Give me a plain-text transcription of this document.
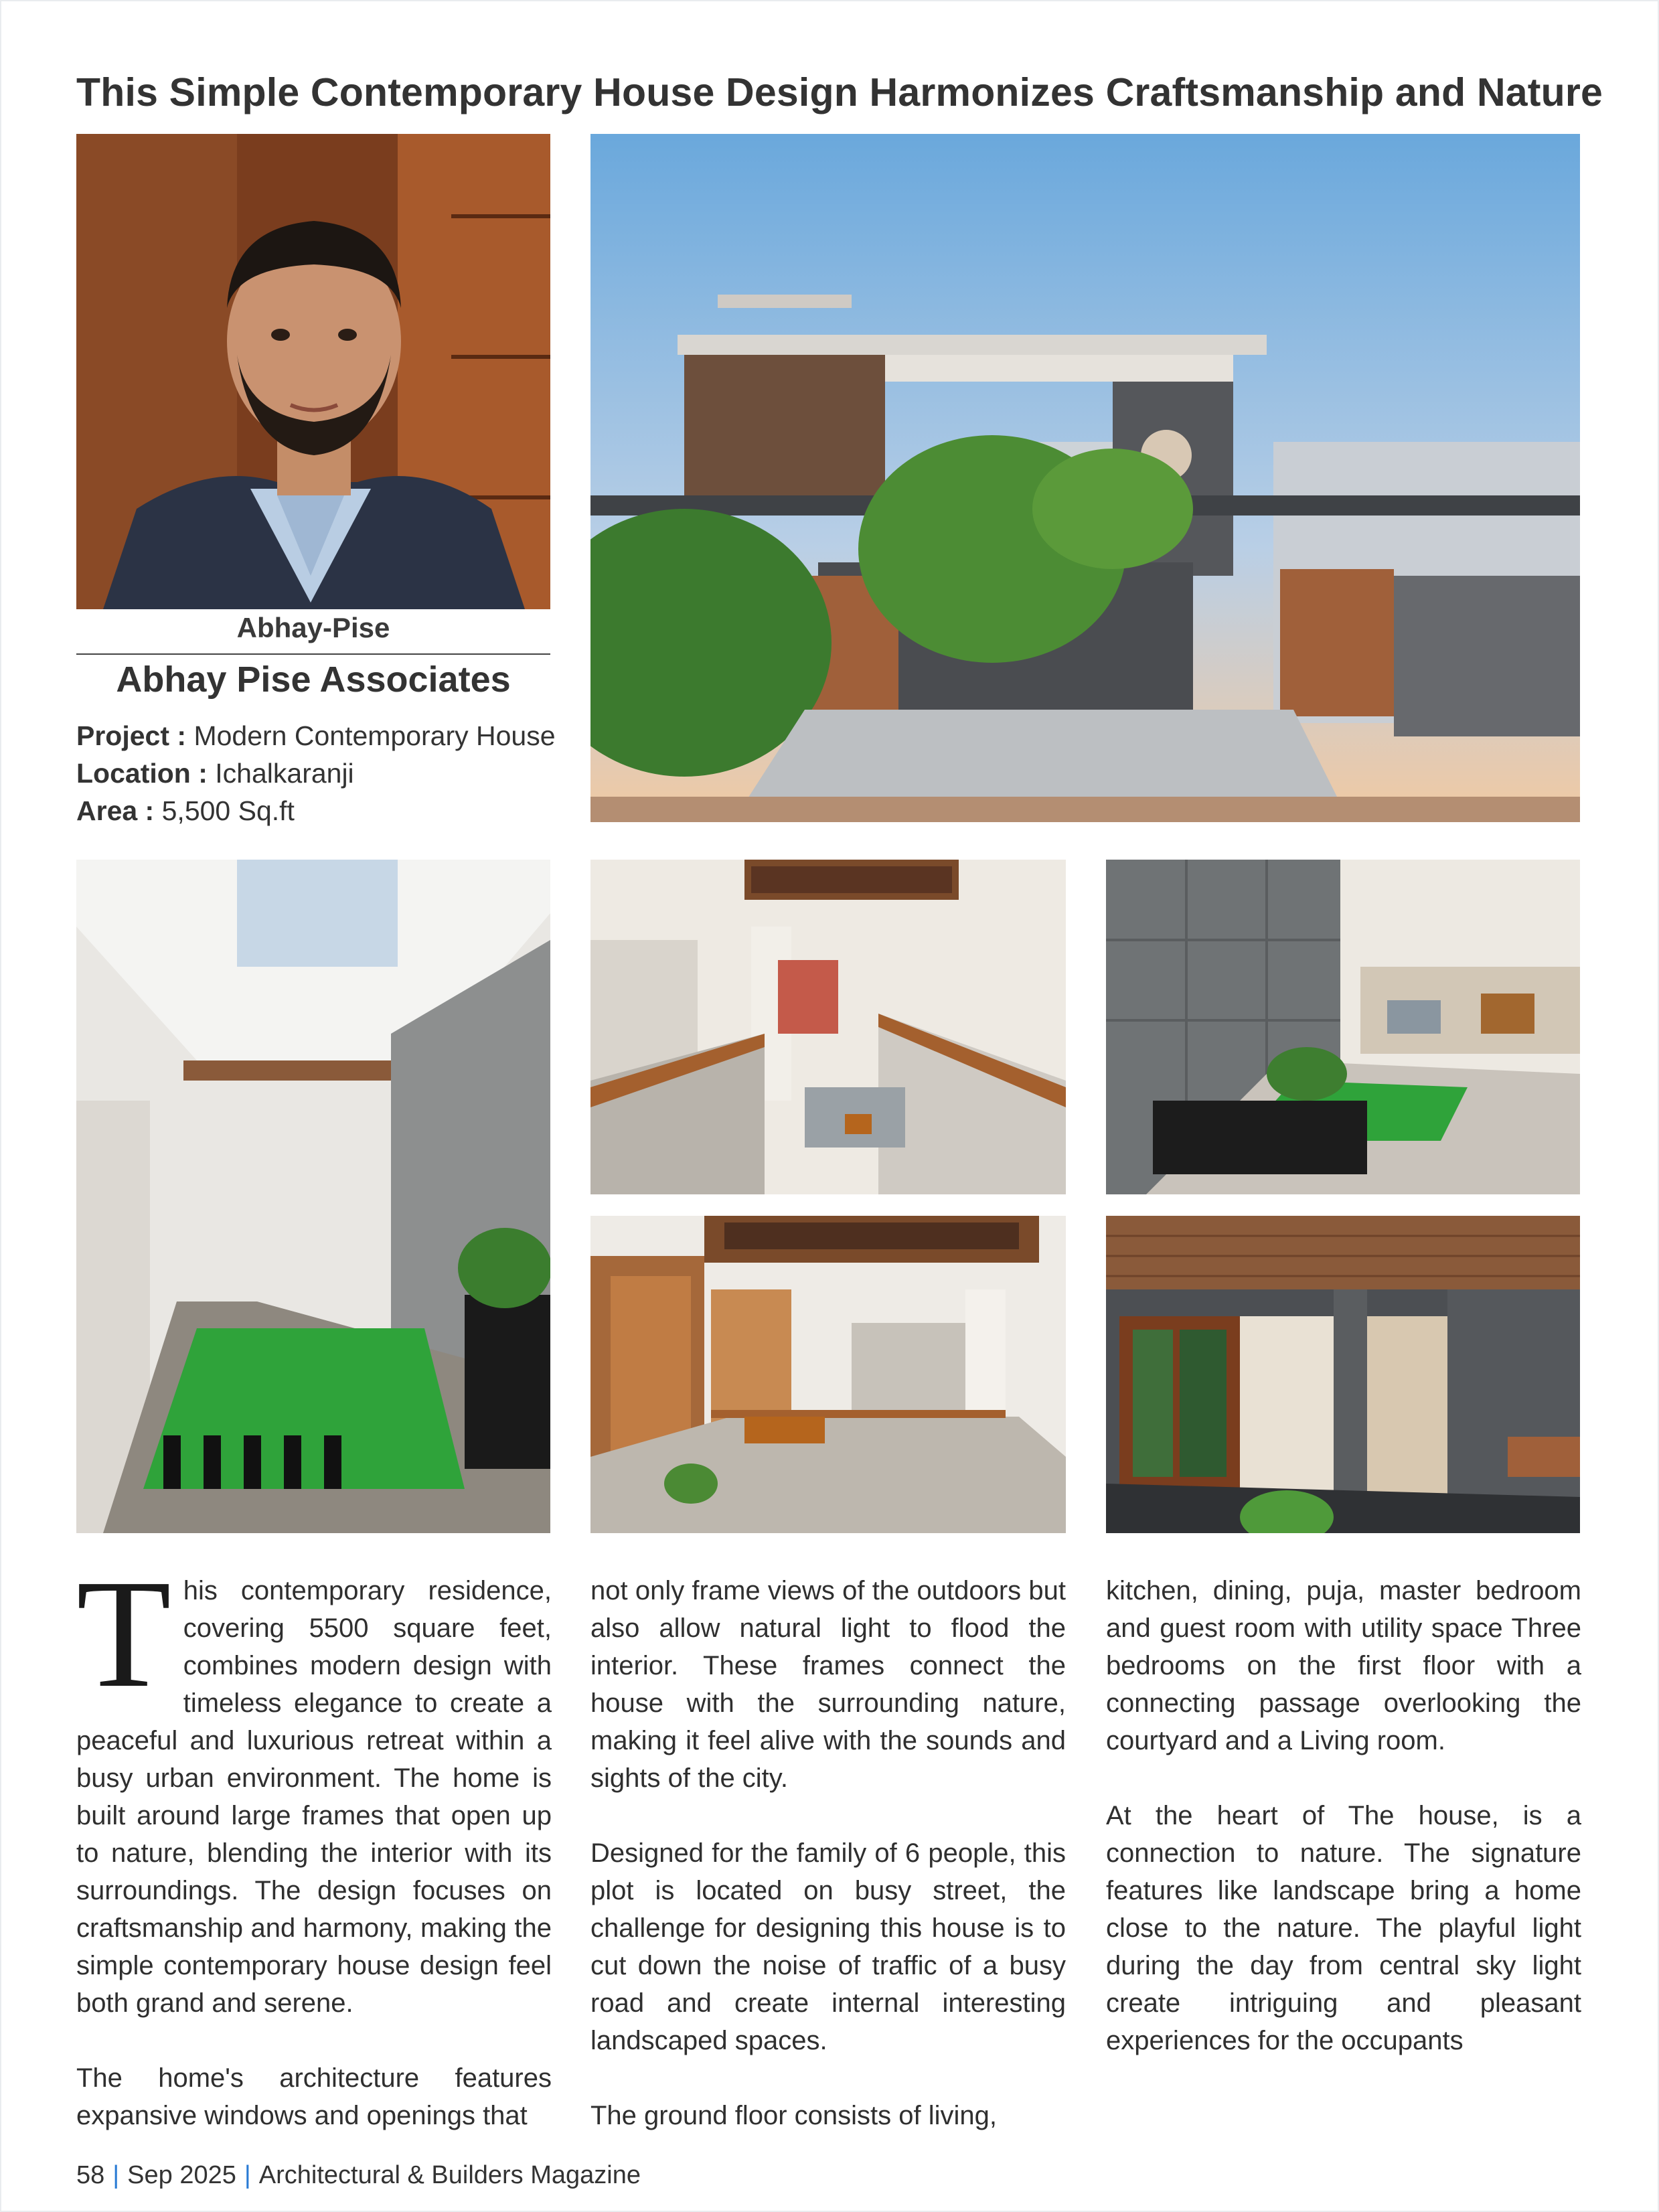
This Simple Contemporary House Design Harmonizes Craftsmanship and Nature
Abhay-Pise
Abhay Pise Associates
Project : Modern Contemporary House
Location : Ichalkaranji
Area : 5,500 Sq.ft

This contemporary residence, covering 5500 square feet, combines modern design with timeless elegance to create a peaceful and luxurious retreat within a busy urban environment. The home is built around large frames that open up to nature, blending the interior with its surroundings. The design focuses on craftsmanship and harmony, making the simple contemporary house design feel both grand and serene.

The home's architecture features expansive windows and openings that

not only frame views of the outdoors but also allow natural light to flood the interior. These frames connect the house with the surrounding nature, making it feel alive with the sounds and sights of the city.

Designed for the family of 6 people, this plot is located on busy street, the challenge for designing this house is to cut down the noise of traffic of a busy road and create internal interesting landscaped spaces.

The ground floor consists of living,

kitchen, dining, puja, master bedroom and guest room with utility space Three bedrooms on the first floor with a connecting passage overlooking the courtyard and a Living room.

At the heart of The house, is a connection to nature. The signature features like landscape bring a home close to the nature. The playful light during the day from central sky light create intriguing and pleasant experiences for the occupants

58 | Sep 2025 | Architectural & Builders Magazine
